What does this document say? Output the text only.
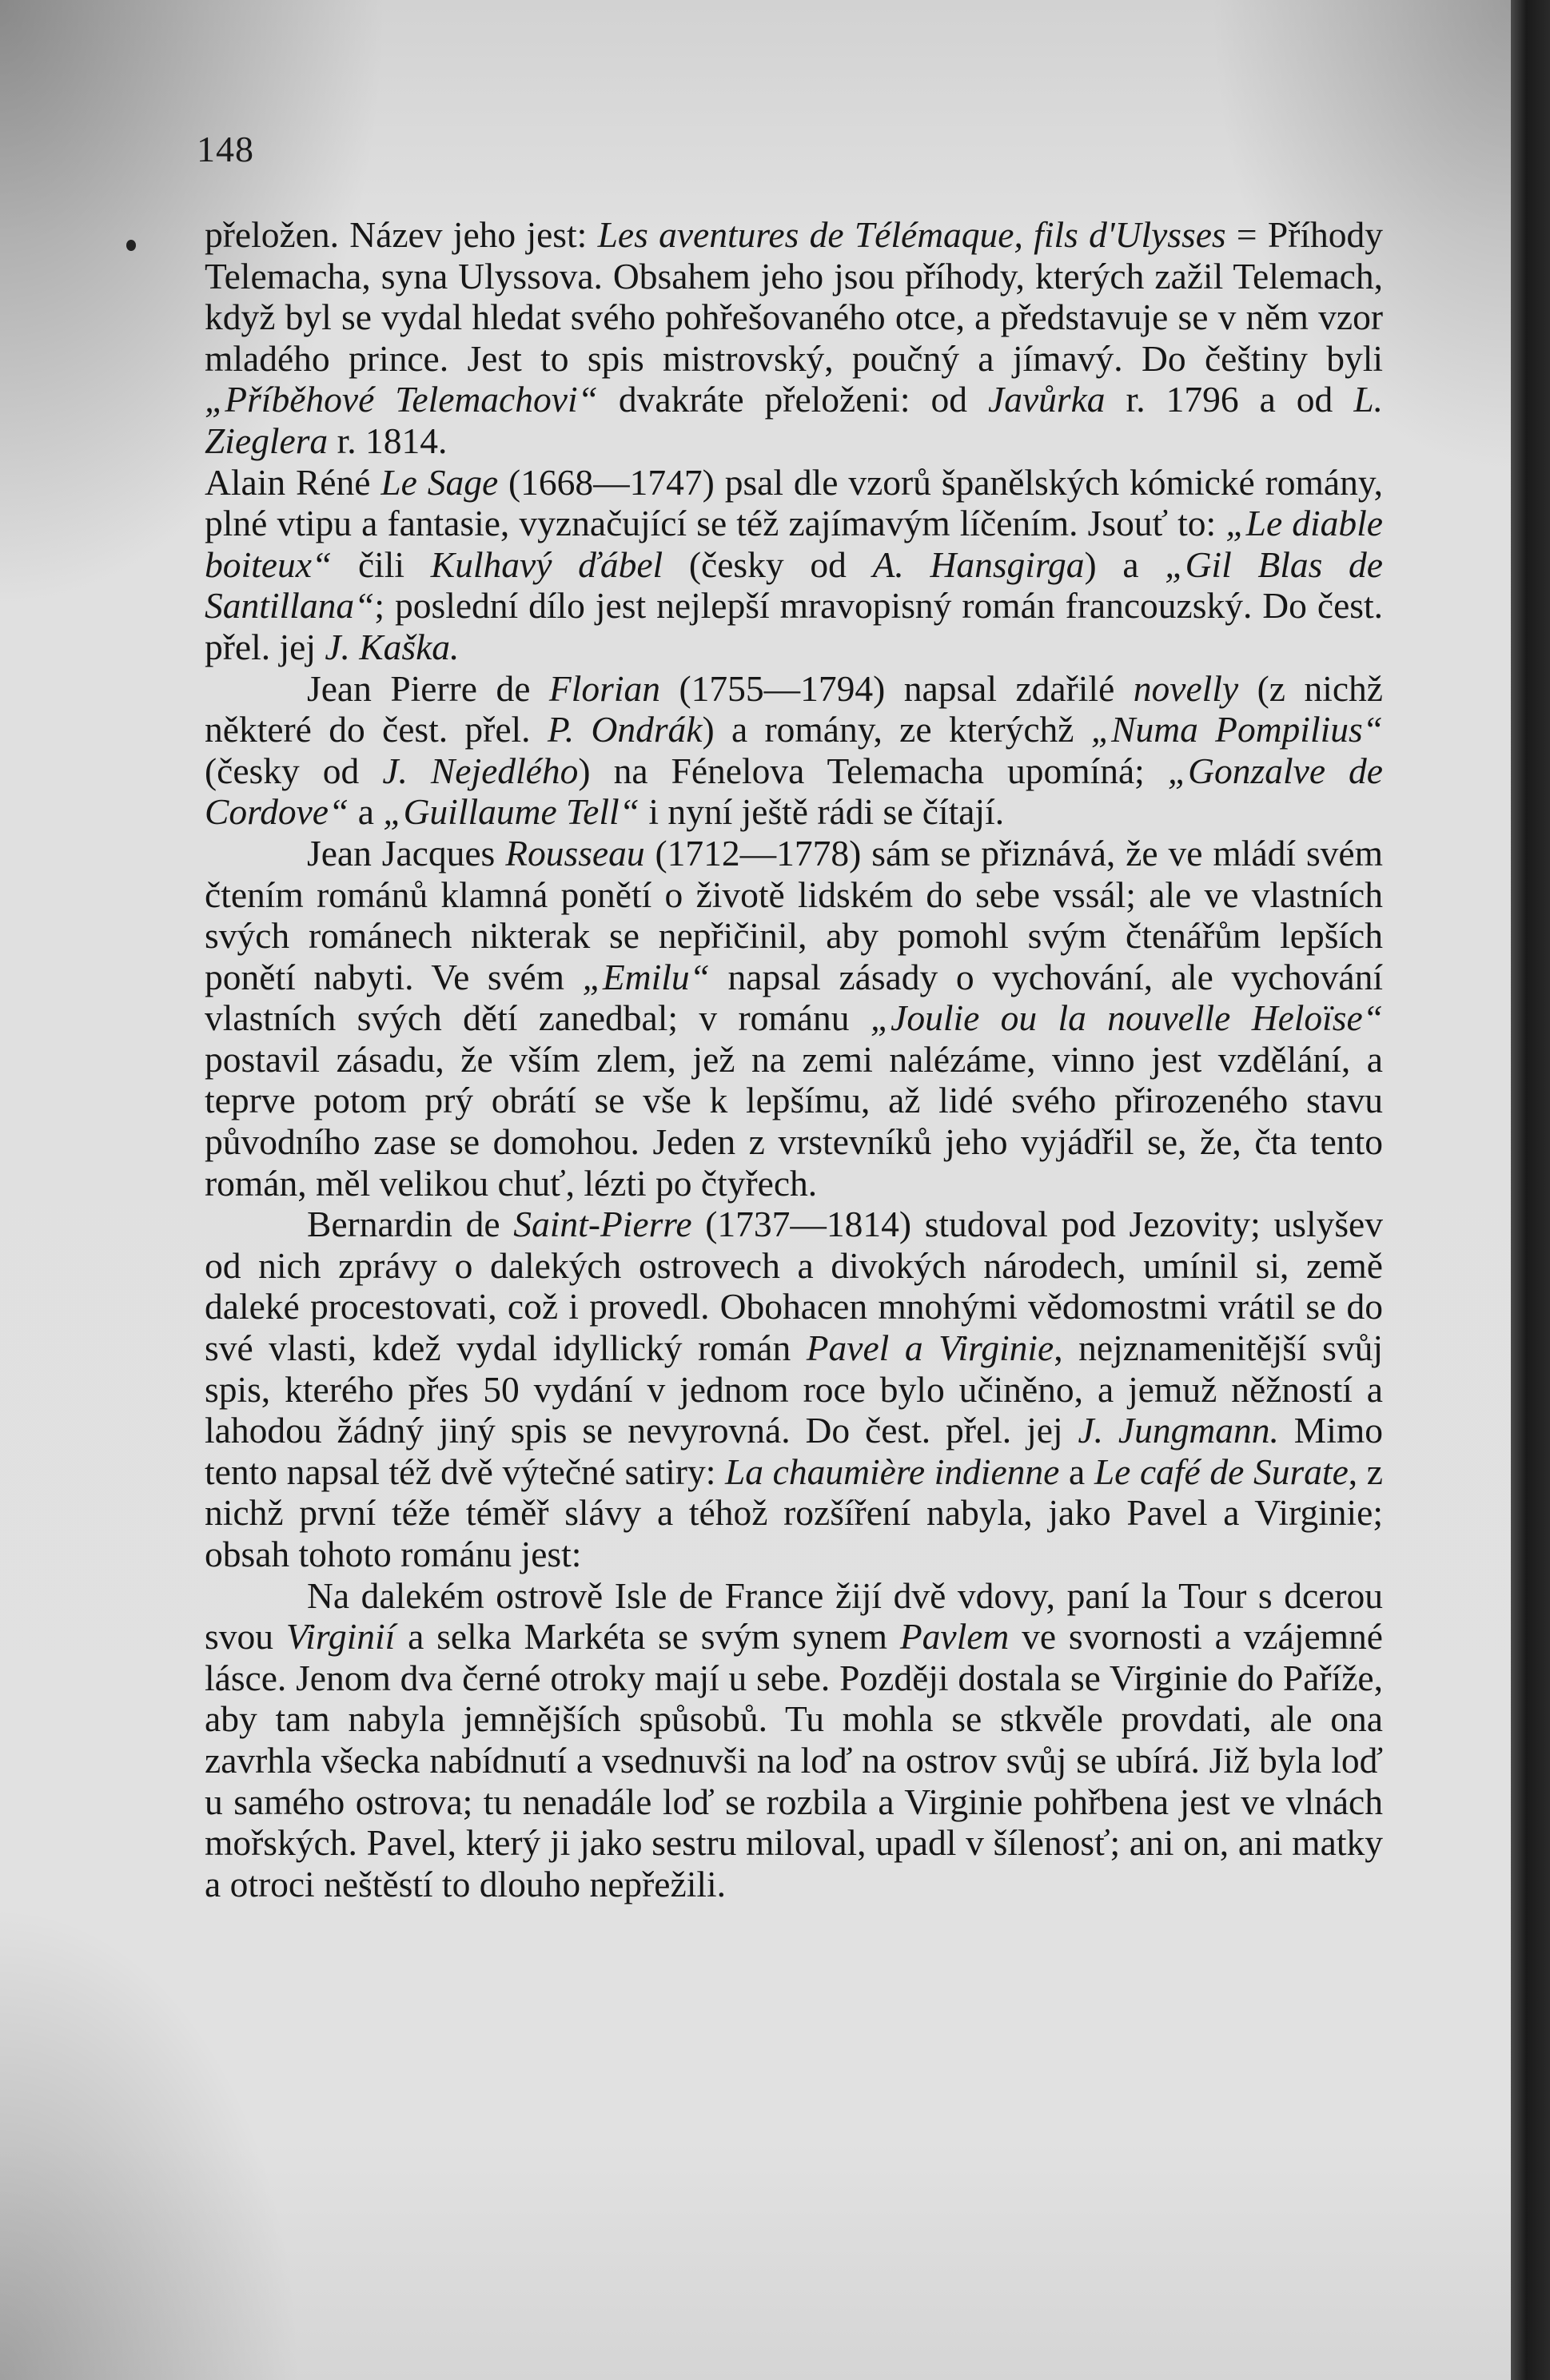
148

přeložen. Název jeho jest: Les aventures de Télémaque, fils d'Ulysses = Příhody Telemacha, syna Ulyssova. Obsahem jeho jsou příhody, kterých zažil Telemach, když byl se vydal hledat svého pohřešovaného otce, a představuje se v něm vzor mladého prince. Jest to spis mistrovský, poučný a jímavý. Do češtiny byli „Příběhové Telemachovi“ dvakráte přeloženi: od Javůrka r. 1796 a od L. Zieglera r. 1814.

Alain Réné Le Sage (1668—1747) psal dle vzorů španělských kómické romány, plné vtipu a fantasie, vyznačující se též zajímavým líčením. Jsouť to: „Le diable boiteux“ čili Kulhavý ďábel (česky od A. Hansgirga) a „Gil Blas de Santillana“; poslední dílo jest nejlepší mravopisný román francouzský. Do čest. přel. jej J. Kaška.

Jean Pierre de Florian (1755—1794) napsal zdařilé novelly (z nichž některé do čest. přel. P. Ondrák) a romány, ze kterýchž „Numa Pompilius“ (česky od J. Nejedlého) na Fénelova Telemacha upomíná; „Gonzalve de Cordove“ a „Guillaume Tell“ i nyní ještě rádi se čítají.

Jean Jacques Rousseau (1712—1778) sám se přiznává, že ve mládí svém čtením románů klamná ponětí o životě lidském do sebe vssál; ale ve vlastních svých románech nikterak se nepřičinil, aby pomohl svým čtenářům lepších ponětí nabyti. Ve svém „Emilu“ napsal zásady o vychování, ale vychování vlastních svých dětí zanedbal; v románu „Joulie ou la nouvelle Heloïse“ postavil zásadu, že vším zlem, jež na zemi nalézáme, vinno jest vzdělání, a teprve potom prý obrátí se vše k lepšímu, až lidé svého přirozeného stavu původního zase se domohou. Jeden z vrstevníků jeho vyjádřil se, že, čta tento román, měl velikou chuť, lézti po čtyřech.

Bernardin de Saint-Pierre (1737—1814) studoval pod Jezovity; uslyšev od nich zprávy o dalekých ostrovech a divokých národech, umínil si, země daleké procestovati, což i provedl. Obohacen mnohými vědomostmi vrátil se do své vlasti, kdež vydal idyllický román Pavel a Virginie, nejznamenitější svůj spis, kterého přes 50 vydání v jednom roce bylo učiněno, a jemuž něžností a lahodou žádný jiný spis se nevyrovná. Do čest. přel. jej J. Jungmann. Mimo tento napsal též dvě výtečné satiry: La chaumière indienne a Le café de Surate, z nichž první téže téměř slávy a téhož rozšíření nabyla, jako Pavel a Virginie; obsah tohoto románu jest:

Na dalekém ostrově Isle de France žijí dvě vdovy, paní la Tour s dcerou svou Virginií a selka Markéta se svým synem Pavlem ve svornosti a vzájemné lásce. Jenom dva černé otroky mají u sebe. Později dostala se Virginie do Paříže, aby tam nabyla jemnějších spůsobů. Tu mohla se stkvěle provdati, ale ona zavrhla všecka nabídnutí a vsednuvši na loď na ostrov svůj se ubírá. Již byla loď u samého ostrova; tu nenadále loď se rozbila a Virginie pohřbena jest ve vlnách mořských. Pavel, který ji jako sestru miloval, upadl v šílenosť; ani on, ani matky a otroci neštěstí to dlouho nepřežili.
